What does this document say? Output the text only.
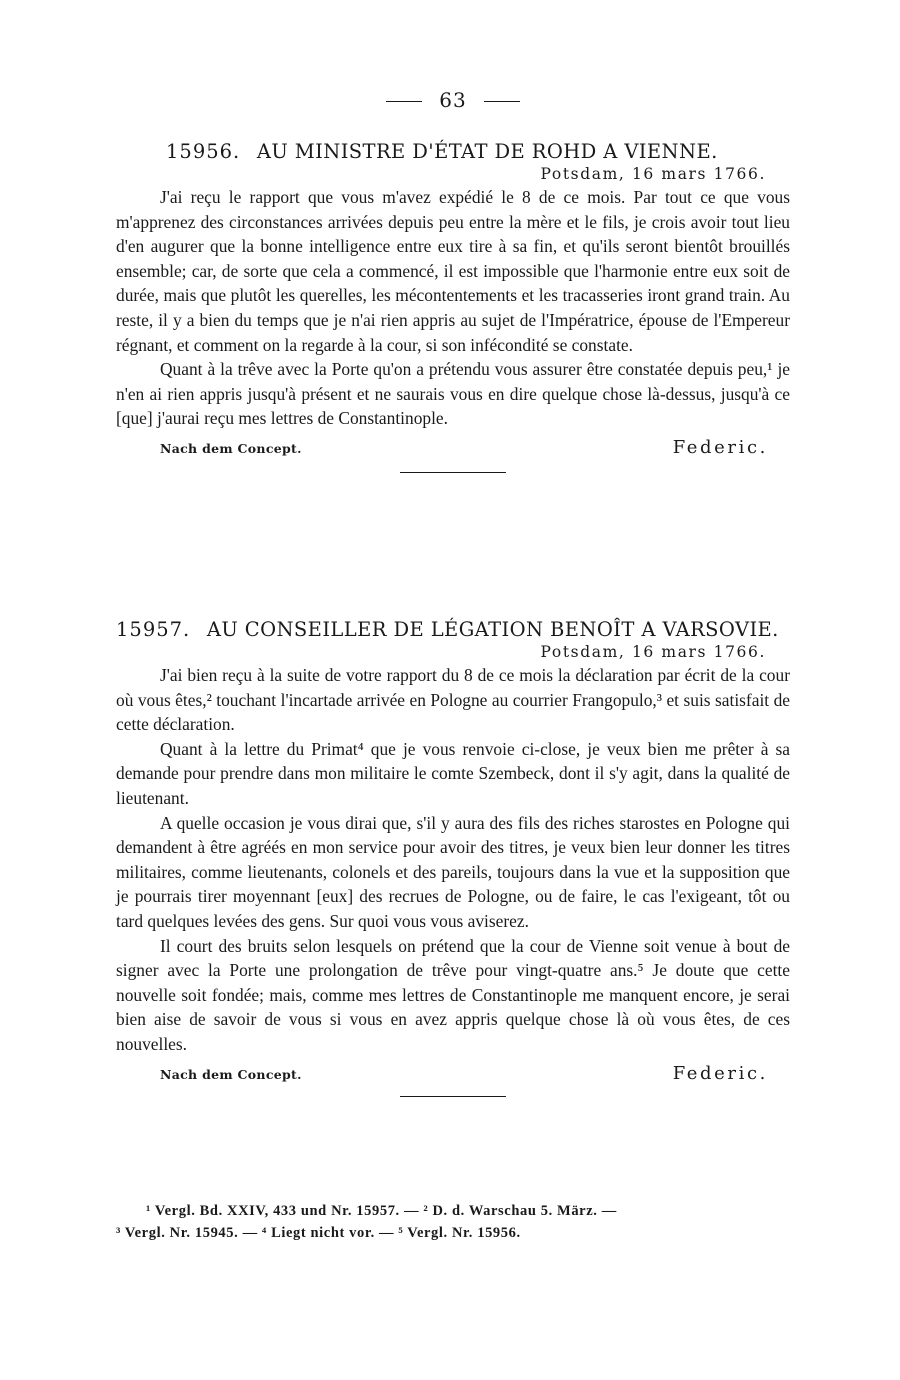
63
15956. AU MINISTRE D'ÉTAT DE ROHD A VIENNE.
Potsdam, 16 mars 1766.

J'ai reçu le rapport que vous m'avez expédié le 8 de ce mois. Par tout ce que vous m'apprenez des circonstances arrivées depuis peu entre la mère et le fils, je crois avoir tout lieu d'en augurer que la bonne intelligence entre eux tire à sa fin, et qu'ils seront bientôt brouillés ensemble; car, de sorte que cela a commencé, il est impossible que l'harmonie entre eux soit de durée, mais que plutôt les querelles, les mécontentements et les tracasseries iront grand train. Au reste, il y a bien du temps que je n'ai rien appris au sujet de l'Impératrice, épouse de l'Empereur régnant, et comment on la regarde à la cour, si son infécondité se constate.

Quant à la trêve avec la Porte qu'on a prétendu vous assurer être constatée depuis peu,¹ je n'en ai rien appris jusqu'à présent et ne saurais vous en dire quelque chose là-dessus, jusqu'à ce [que] j'aurai reçu mes lettres de Constantinople.

Nach dem Concept.	Federic.
15957. AU CONSEILLER DE LÉGATION BENOÎT A VARSOVIE.
Potsdam, 16 mars 1766.

J'ai bien reçu à la suite de votre rapport du 8 de ce mois la déclaration par écrit de la cour où vous êtes,² touchant l'incartade arrivée en Pologne au courrier Frangopulo,³ et suis satisfait de cette déclaration.

Quant à la lettre du Primat⁴ que je vous renvoie ci-close, je veux bien me prêter à sa demande pour prendre dans mon militaire le comte Szembeck, dont il s'y agit, dans la qualité de lieutenant.

A quelle occasion je vous dirai que, s'il y aura des fils des riches starostes en Pologne qui demandent à être agréés en mon service pour avoir des titres, je veux bien leur donner les titres militaires, comme lieutenants, colonels et des pareils, toujours dans la vue et la supposition que je pourrais tirer moyennant [eux] des recrues de Pologne, ou de faire, le cas l'exigeant, tôt ou tard quelques levées des gens. Sur quoi vous vous aviserez.

Il court des bruits selon lesquels on prétend que la cour de Vienne soit venue à bout de signer avec la Porte une prolongation de trêve pour vingt-quatre ans.⁵ Je doute que cette nouvelle soit fondée; mais, comme mes lettres de Constantinople me manquent encore, je serai bien aise de savoir de vous si vous en avez appris quelque chose là où vous êtes, de ces nouvelles.

Nach dem Concept.	Federic.

¹ Vergl. Bd. XXIV, 433 und Nr. 15957. — ² D. d. Warschau 5. März. —

³ Vergl. Nr. 15945. — ⁴ Liegt nicht vor. — ⁵ Vergl. Nr. 15956.
